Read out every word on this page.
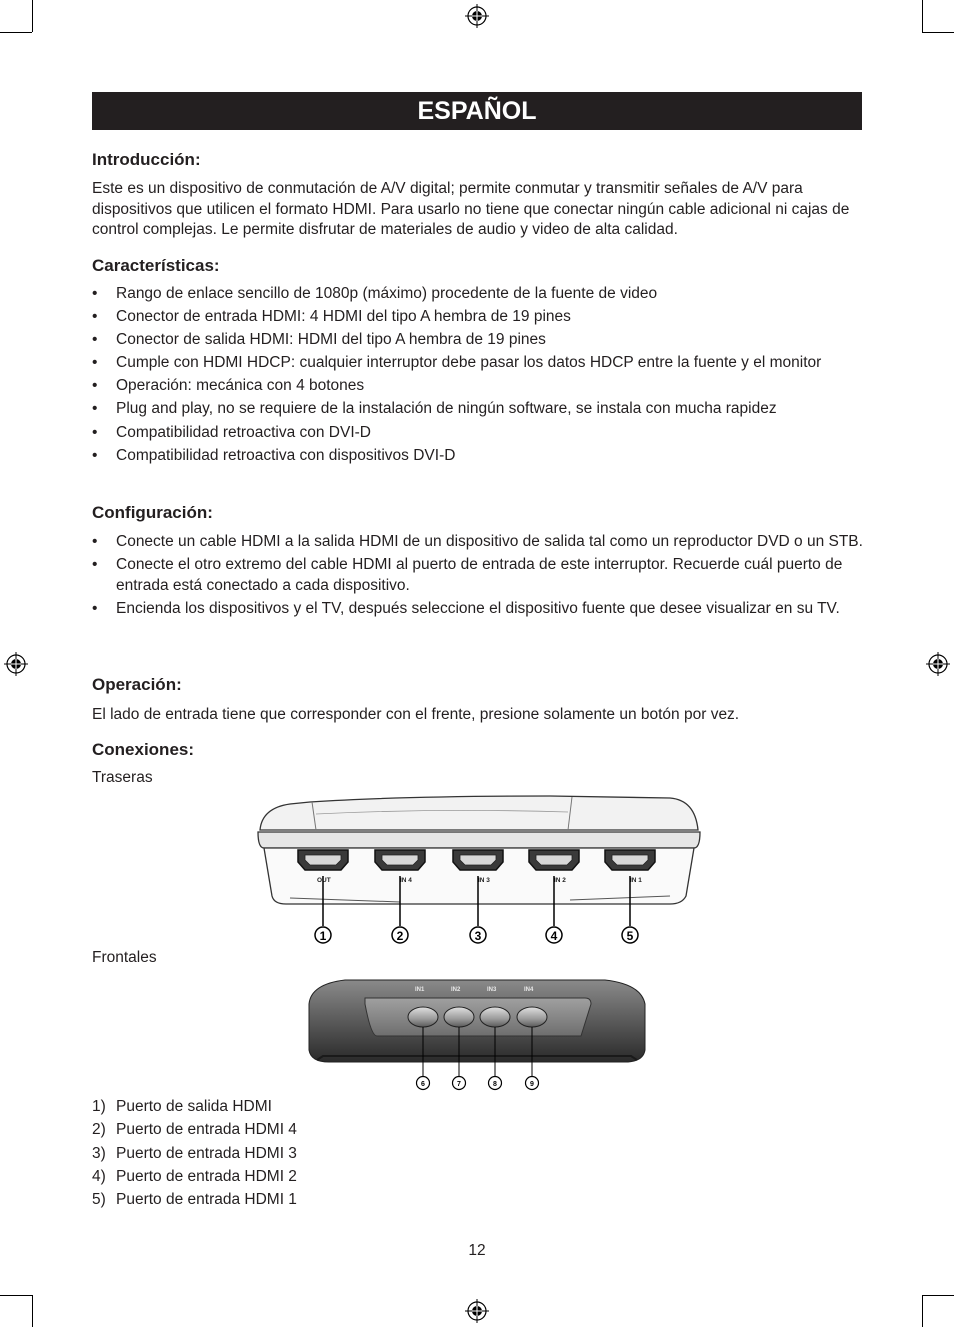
ESPAÑOL
Introducción:

Este es un dispositivo de conmutación de A/V digital; permite conmutar y transmitir señales de A/V para dispositivos que utilicen el formato HDMI. Para usarlo no tiene que conectar ningún cable adicional ni cajas de control complejas. Le permite disfrutar de materiales de audio y video de alta calidad.

Características:
• Rango de enlace sencillo de 1080p (máximo) procedente de la fuente de video
• Conector de entrada HDMI: 4 HDMI del tipo A hembra de 19 pines
• Conector de salida HDMI: HDMI del tipo A hembra de 19 pines
• Cumple con HDMI HDCP: cualquier interruptor debe pasar los datos HDCP entre la fuente y el monitor
• Operación: mecánica con 4 botones
• Plug and play, no se requiere de la instalación de ningún software, se instala con mucha rapidez
• Compatibilidad retroactiva con DVI-D
• Compatibilidad retroactiva con dispositivos DVI-D
Configuración:
• Conecte un cable HDMI a la salida HDMI de un dispositivo de salida tal como un reproductor DVD o un STB.
• Conecte el otro extremo del cable HDMI al puerto de entrada de este interruptor. Recuerde cuál puerto de entrada está conectado a cada dispositivo.
• Encienda los dispositivos y el TV, después seleccione el dispositivo fuente que desee visualizar en su TV.
Operación:

El lado de entrada tiene que corresponder con el frente, presione solamente un botón por vez.

Conexiones:
Traseras
OUT
1
IN 4
2
IN 3
3
IN 2
4
IN 1
5
Frontales
IN1
6
IN2
7
IN3
8
IN4
9
1) Puerto de salida HDMI
2) Puerto de entrada HDMI 4
3) Puerto de entrada HDMI 3
4) Puerto de entrada HDMI 2
5) Puerto de entrada HDMI 1
12
